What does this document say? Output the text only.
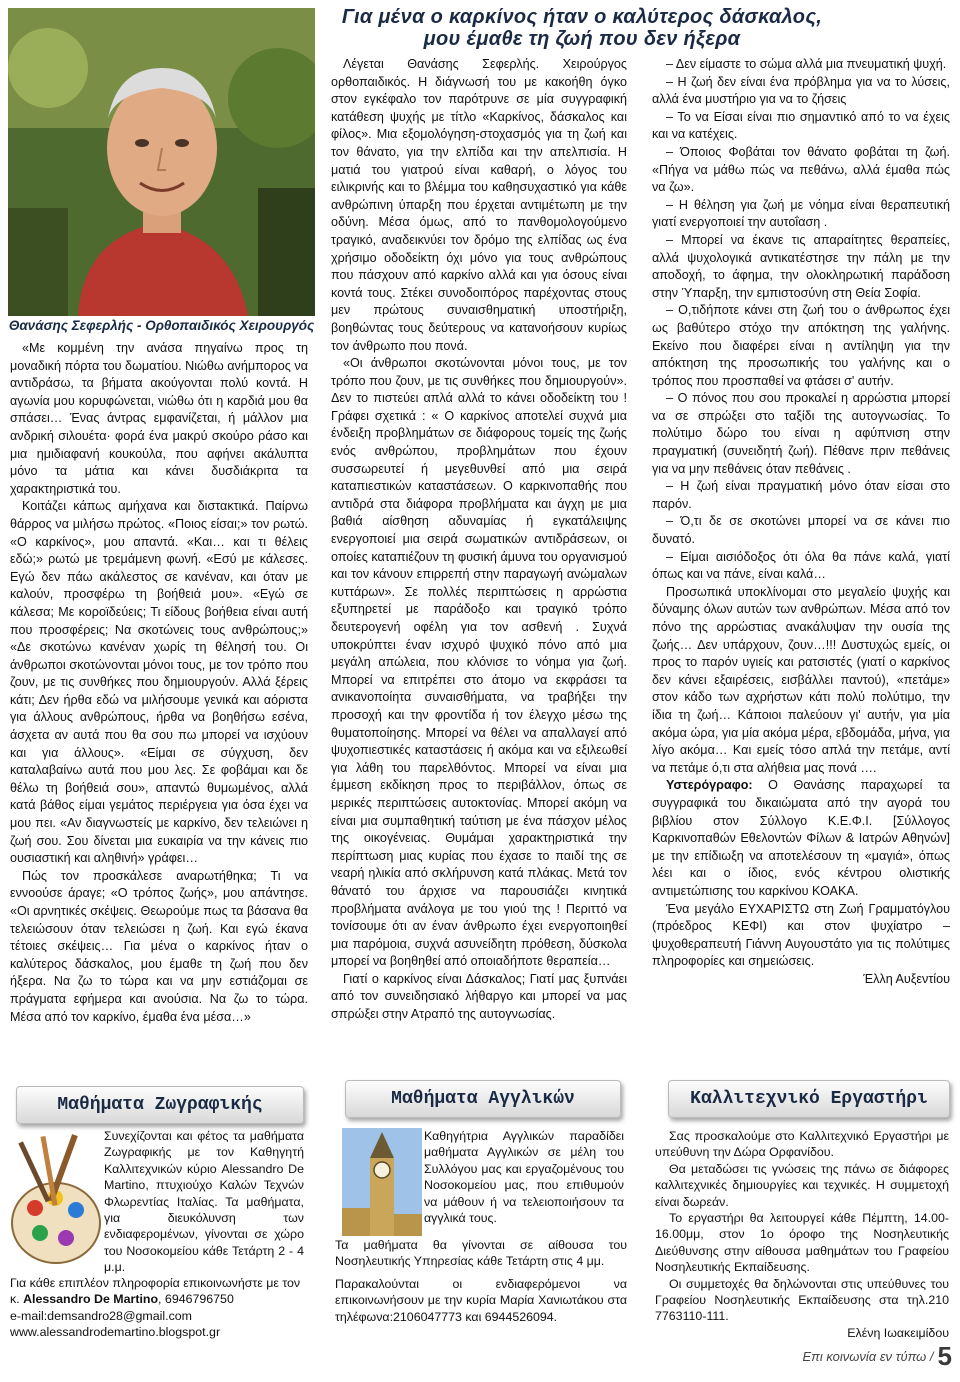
Θανάσης Σεφερλής - Ορθοπαιδικός Χειρουργός
Για μένα ο καρκίνος ήταν ο καλύτερος δάσκαλος,
μου έμαθε τη ζωή που δεν ήξερα

«Με κομμένη την ανάσα πηγαίνω προς τη μοναδική πόρτα του δωματίου. Νιώθω ανήμπορος να αντιδράσω, τα βήματα ακούγονται πολύ κοντά. Η αγωνία μου κορυφώνεται, νιώθω ότι η καρδιά μου θα σπάσει… Ένας άντρας εμφανίζεται, ή μάλλον μια ανδρική σιλουέτα· φορά ένα μακρύ σκούρο ράσο και μια ημιδιαφανή κουκούλα, που αφήνει ακάλυπτα μόνο τα μάτια και κάνει δυσδιάκριτα τα χαρακτηριστικά του.

Κοιτάζει κάπως αμήχανα και διστακτικά. Παίρνω θάρρος να μιλήσω πρώτος. «Ποιος είσαι;» τον ρωτώ. «Ο καρκίνος», μου απαντά. «Και… και τι θέλεις εδώ;» ρωτώ με τρεμάμενη φωνή. «Εσύ με κάλεσες. Εγώ δεν πάω ακάλεστος σε κανέναν, και όταν με καλούν, προσφέρω τη βοήθειά μου». «Εγώ σε κάλεσα; Με κοροϊδεύεις; Τι είδους βοήθεια είναι αυτή που προσφέρεις; Να σκοτώνεις τους ανθρώπους;» «Δε σκοτώνω κανέναν χωρίς τη θέλησή του. Οι άνθρωποι σκοτώνονται μόνοι τους, με τον τρόπο που ζουν, με τις συνθήκες που δημιουργούν. Αλλά ξέρεις κάτι; Δεν ήρθα εδώ να μιλήσουμε γενικά και αόριστα για άλλους ανθρώπους, ήρθα να βοηθήσω εσένα, άσχετα αν αυτά που θα σου πω μπορεί να ισχύουν και για άλλους». «Είμαι σε σύγχυση, δεν καταλαβαίνω αυτά που μου λες. Σε φοβάμαι και δε θέλω τη βοήθειά σου», απαντώ θυμωμένος, αλλά κατά βάθος είμαι γεμάτος περιέργεια για όσα έχει να μου πει. «Αν διαγνωστείς με καρκίνο, δεν τελειώνει η ζωή σου. Σου δίνεται μια ευκαιρία να την κάνεις πιο ουσιαστική και αληθινή» γράφει…

Πώς τον προσκάλεσε αναρωτήθηκα; Τι να εννοούσε άραγε; «Ο τρόπος ζωής», μου απάντησε. «Οι αρνητικές σκέψεις. Θεωρούμε πως τα βάσανα θα τελειώσουν όταν τελειώσει η ζωή. Και εγώ έκανα τέτοιες σκέψεις… Για μένα ο καρκίνος ήταν ο καλύτερος δάσκαλος, μου έμαθε τη ζωή που δεν ήξερα. Να ζω το τώρα και να μην εστιάζομαι σε πράγματα εφήμερα και ανούσια. Να ζω το τώρα. Μέσα από τον καρκίνο, έμαθα ένα μέσα…»

Λέγεται Θανάσης Σεφερλής. Χειρούργος ορθοπαιδικός. Η διάγνωσή του με κακοήθη όγκο στον εγκέφαλο τον παρότρυνε σε μία συγγραφική κατάθεση ψυχής με τίτλο «Καρκίνος, δάσκαλος και φίλος». Μια εξομολόγηση-στοχασμός για τη ζωή και τον θάνατο, για την ελπίδα και την απελπισία. Η ματιά του γιατρού είναι καθαρή, ο λόγος του ειλικρινής και το βλέμμα του καθησυχαστικό για κάθε ανθρώπινη ύπαρξη που έρχεται αντιμέτωπη με την οδύνη. Μέσα όμως, από το πανθομολογούμενο τραγικό, αναδεικνύει τον δρόμο της ελπίδας ως ένα χρήσιμο οδοδείκτη όχι μόνο για τους ανθρώπους που πάσχουν από καρκίνο αλλά και για όσους είναι κοντά τους. Στέκει συνοδοιπόρος παρέχοντας στους μεν πρώτους συναισθηματική υποστήριξη, βοηθώντας τους δεύτερους να κατανοήσουν κυρίως τον άνθρωπο που πονά.

«Οι άνθρωποι σκοτώνονται μόνοι τους, με τον τρόπο που ζουν, με τις συνθήκες που δημιουργούν». Δεν το πιστεύει απλά αλλά το κάνει οδοδείκτη του ! Γράφει σχετικά : « Ο καρκίνος αποτελεί συχνά μια ένδειξη προβλημάτων σε διάφορους τομείς της ζωής ενός ανθρώπου, προβλημάτων που έχουν συσσωρευτεί ή μεγεθυνθεί από μια σειρά καταπιεστικών καταστάσεων. Ο καρκινοπαθής που αντιδρά στα διάφορα προβλήματα και άγχη με μια βαθιά αίσθηση αδυναμίας ή εγκατάλειψης ενεργοποιεί μια σειρά σωματικών αντιδράσεων, οι οποίες καταπιέζουν τη φυσική άμυνα του οργανισμού και τον κάνουν επιρρεπή στην παραγωγή ανώμαλων κυττάρων». Σε πολλές περιπτώσεις η αρρώστια εξυπηρετεί με παράδοξο και τραγικό τρόπο δευτερογενή οφέλη για τον ασθενή . Συχνά υποκρύπτει έναν ισχυρό ψυχικό πόνο από μια μεγάλη απώλεια, που κλόνισε το νόημα για ζωή. Μπορεί να επιτρέπει στο άτομο να εκφράσει τα ανικανοποίητα συναισθήματα, να τραβήξει την προσοχή και την φροντίδα ή τον έλεγχο μέσω της θυματοποίησης. Μπορεί να θέλει να απαλλαγεί από ψυχοπιεστικές καταστάσεις ή ακόμα και να εξιλεωθεί για λάθη του παρελθόντος. Μπορεί να είναι μια έμμεση εκδίκηση προς το περιβάλλον, όπως σε μερικές περιπτώσεις αυτοκτονίας. Μπορεί ακόμη να είναι μια συμπαθητική ταύτιση με ένα πάσχον μέλος της οικογένειας. Θυμάμαι χαρακτηριστικά την περίπτωση μιας κυρίας που έχασε το παιδί της σε νεαρή ηλικία από σκλήρυνση κατά πλάκας. Μετά τον θάνατό του άρχισε να παρουσιάζει κινητικά προβλήματα ανάλογα με του γιού της ! Περιττό να τονίσουμε ότι αν έναν άνθρωπο έχει ενεργοποιηθεί μια παρόμοια, συχνά ασυνείδητη πρόθεση, δύσκολα μπορεί να βοηθηθεί από οποιαδήποτε θεραπεία…

Γιατί ο καρκίνος είναι Δάσκαλος; Γιατί μας ξυπνάει από τον συνειδησιακό λήθαργο και μπορεί να μας σπρώξει στην Ατραπό της αυτογνωσίας.

– Δεν είμαστε το σώμα αλλά μια πνευματική ψυχή.

– Η ζωή δεν είναι ένα πρόβλημα για να το λύσεις, αλλά ένα μυστήριο για να το ζήσεις

– Το να Είσαι είναι πιο σημαντικό από το να έχεις και να κατέχεις.

– Όποιος Φοβάται τον θάνατο φοβάται τη ζωή. «Πήγα να μάθω πώς να πεθάνω, αλλά έμαθα πώς να ζω».

– Η θέληση για ζωή με νόημα είναι θεραπευτική γιατί ενεργοποιεί την αυτοΐαση .

– Μπορεί να έκανε τις απαραίτητες θεραπείες, αλλά ψυχολογικά αντικατέστησε την πάλη με την αποδοχή, το άφημα, την ολοκληρωτική παράδοση στην Ύπαρξη, την εμπιστοσύνη στη Θεία Σοφία.

– Ο,τιδήποτε κάνει στη ζωή του ο άνθρωπος έχει ως βαθύτερο στόχο την απόκτηση της γαλήνης. Εκείνο που διαφέρει είναι η αντίληψη για την απόκτηση της προσωπικής του γαλήνης και ο τρόπος που προσπαθεί να φτάσει σ' αυτήν.

– Ο πόνος που σου προκαλεί η αρρώστια μπορεί να σε σπρώξει στο ταξίδι της αυτογνωσίας. Το πολύτιμο δώρο του είναι η αφύπνιση στην πραγματική (συνειδητή ζωή). Πέθανε πριν πεθάνεις για να μην πεθάνεις όταν πεθάνεις .

– Η ζωή είναι πραγματική μόνο όταν είσαι στο παρόν.

– Ό,τι δε σε σκοτώνει μπορεί να σε κάνει πιο δυνατό.

– Είμαι αισιόδοξος ότι όλα θα πάνε καλά, γιατί όπως και να πάνε, είναι καλά…

Προσωπικά υποκλίνομαι στο μεγαλείο ψυχής και δύναμης όλων αυτών των ανθρώπων. Μέσα από τον πόνο της αρρώστιας ανακάλυψαν την ουσία της ζωής… Δεν υπάρχουν, ζουν…!!! Δυστυχώς εμείς, οι προς το παρόν υγιείς και ρατσιστές (γιατί ο καρκίνος δεν κάνει εξαιρέσεις, εισβάλλει παντού), «πετάμε» στον κάδο των αχρήστων κάτι πολύ πολύτιμο, την ίδια τη ζωή… Κάποιοι παλεύουν γι' αυτήν, για μία ακόμα ώρα, για μία ακόμα μέρα, εβδομάδα, μήνα, για λίγο ακόμα… Και εμείς τόσο απλά την πετάμε, αντί να πετάμε ό,τι στα αλήθεια μας πονά ….

Υστερόγραφο: Ο Θανάσης παραχωρεί τα συγγραφικά του δικαιώματα από την αγορά του βιβλίου στον Σύλλογο Κ.Ε.Φ.Ι. [Σύλλογος Καρκινοπαθών Εθελοντών Φίλων & Ιατρών Αθηνών] με την επίδιωξη να αποτελέσουν τη «μαγιά», όπως λέει και ο ίδιος, ενός κέντρου ολιστικής αντιμετώπισης του καρκίνου ΚΟΑΚΑ.

Ένα μεγάλο ΕΥΧΑΡΙΣΤΩ στη Ζωή Γραμματόγλου (πρόεδρος ΚΕΦΙ) και στον ψυχίατρο – ψυχοθεραπευτή Γιάννη Αυγουστάτο για τις πολύτιμες πληροφορίες και σημειώσεις.

Έλλη Αυξεντίου

Μαθήματα Ζωγραφικής
Συνεχίζονται και φέτος τα μαθήματα Ζωγραφικής με τον Καθηγητή Καλλιτεχνικών κύριο Alessandro De Martino, πτυχιούχο Καλών Τεχνών Φλωρεντίας Ιταλίας. Τα μαθήματα, για διευκόλυνση των ενδιαφερομένων, γίνονται σε χώρο του Νοσοκομείου κάθε Τετάρτη 2 - 4 μ.μ.
Για κάθε επιπλέον πληροφορία επικοινωνήστε με τον κ. Alessandro De Martino, 6946796750
e-mail:demsandro28@gmail.com
www.alessandrodemartino.blogspot.gr
Μαθήματα Αγγλικών
Καθηγήτρια Αγγλικών παραδίδει μαθήματα Αγγλικών σε μέλη του Συλλόγου μας και εργαζομένους του Νοσοκομείου μας, που επιθυμούν να μάθουν ή να τελειοποιήσουν τα αγγλικά τους.
Τα μαθήματα θα γίνονται σε αίθουσα του Νοσηλευτικής Υπηρεσίας κάθε Τετάρτη στις 4 μμ.
Παρακαλούνται οι ενδιαφερόμενοι να επικοινωνήσουν με την κυρία Μαρία Χανιωτάκου στα τηλέφωνα:2106047773 και 6944526094.
Καλλιτεχνικό Εργαστήρι

Σας προσκαλούμε στο Καλλιτεχνικό Εργαστήρι με υπεύθυνη την Δώρα Ορφανίδου.

Θα μεταδώσει τις γνώσεις της πάνω σε διάφορες καλλιτεχνικές δημιουργίες και τεχνικές. Η συμμετοχή είναι δωρεάν.

Το εργαστήρι θα λειτουργεί κάθε Πέμπτη, 14.00- 16.00μμ, στον 1ο όροφο της Νοσηλευτικής Διεύθυνσης στην αίθουσα μαθημάτων του Γραφείου Νοσηλευτικής Εκπαίδευσης.

Οι συμμετοχές θα δηλώνονται στις υπεύθυνες του Γραφείου Νοσηλευτικής Εκπαίδευσης στα τηλ.210 7763110-111.

Ελένη Ιωακειμίδου

Επι κοινωνία εν τύπω / 5
